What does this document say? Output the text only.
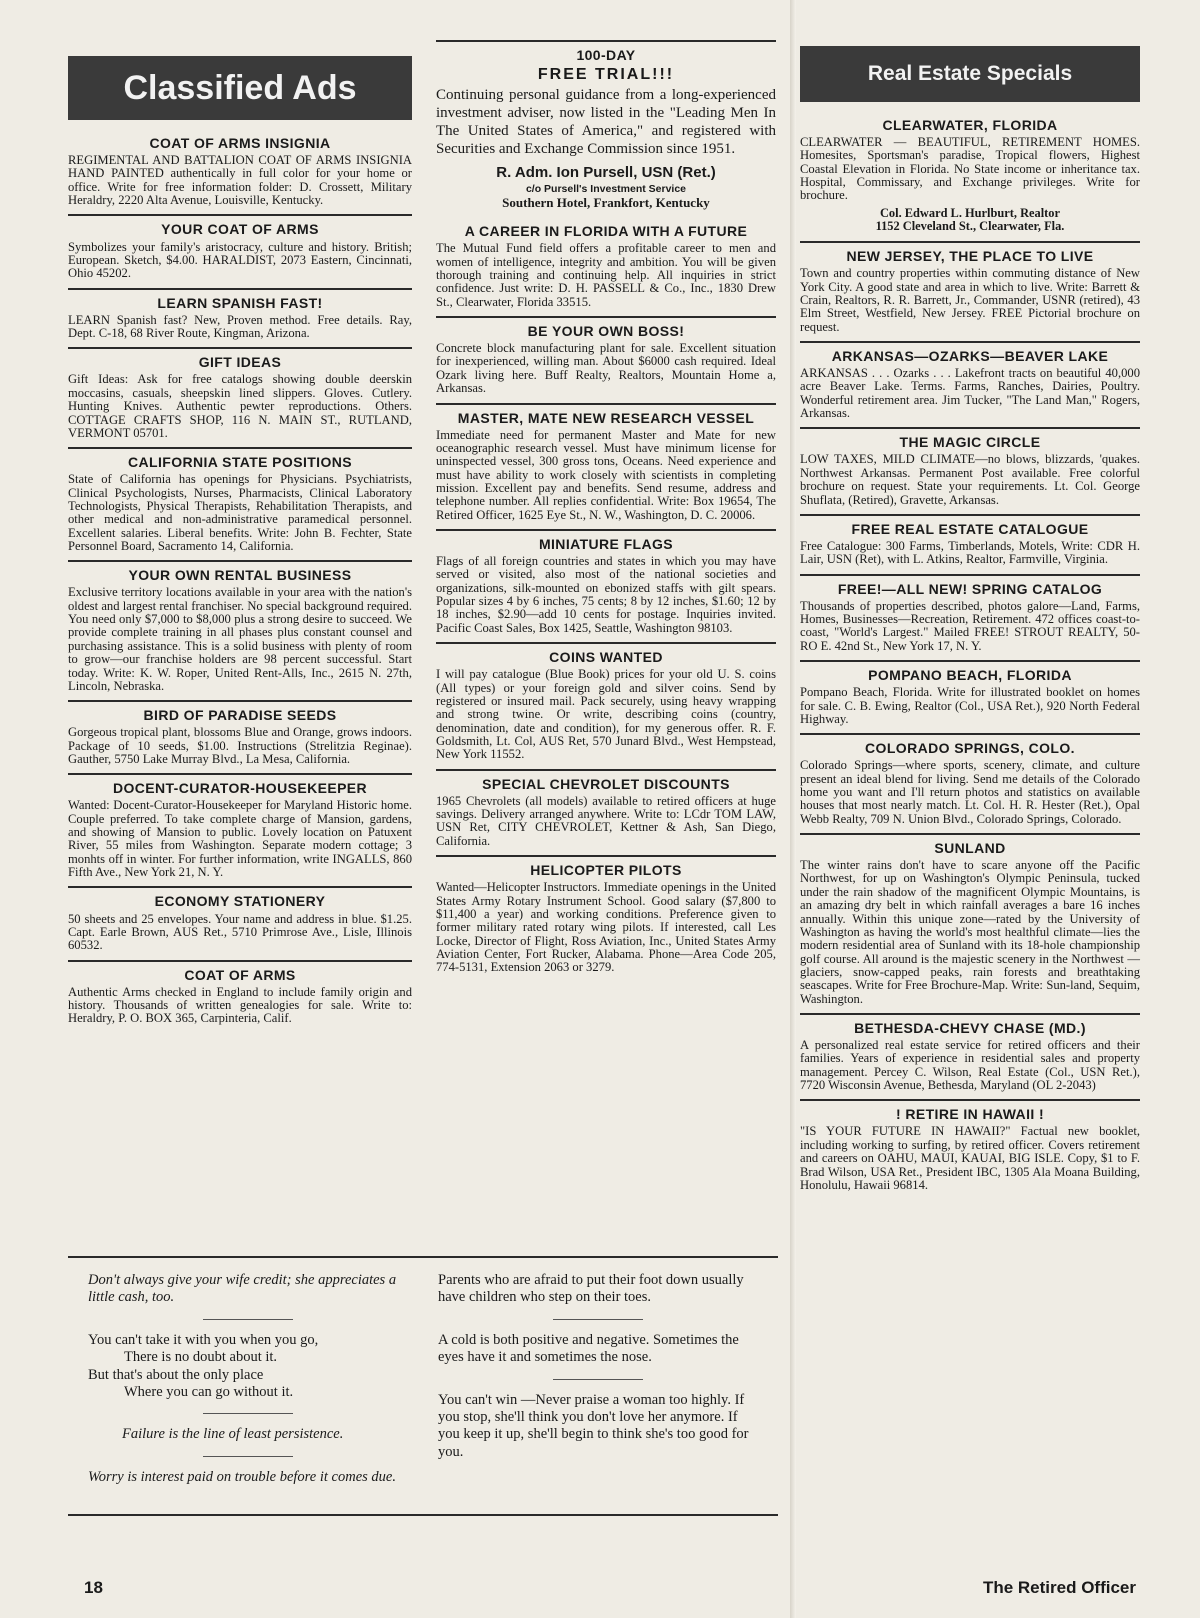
Classified Ads
COAT OF ARMS INSIGNIA
REGIMENTAL AND BATTALION COAT OF ARMS INSIGNIA HAND PAINTED authentically in full color for your home or office. Write for free information folder: D. Crossett, Military Heraldry, 2220 Alta Avenue, Louisville, Kentucky.
YOUR COAT OF ARMS
Symbolizes your family's aristocracy, culture and history. British; European. Sketch, $4.00. HARALDIST, 2073 Eastern, Cincinnati, Ohio 45202.
LEARN SPANISH FAST!
LEARN Spanish fast? New, Proven method. Free details. Ray, Dept. C-18, 68 River Route, Kingman, Arizona.
GIFT IDEAS
Gift Ideas: Ask for free catalogs showing double deerskin moccasins, casuals, sheepskin lined slippers. Gloves. Cutlery. Hunting Knives. Authentic pewter reproductions. Others. COTTAGE CRAFTS SHOP, 116 N. MAIN ST., RUTLAND, VERMONT 05701.
CALIFORNIA STATE POSITIONS
State of California has openings for Physicians. Psychiatrists, Clinical Psychologists, Nurses, Pharmacists, Clinical Laboratory Technologists, Physical Therapists, Rehabilitation Therapists, and other medical and non-administrative paramedical personnel. Excellent salaries. Liberal benefits. Write: John B. Fechter, State Personnel Board, Sacramento 14, California.
YOUR OWN RENTAL BUSINESS
Exclusive territory locations available in your area with the nation's oldest and largest rental franchiser. No special background required. You need only $7,000 to $8,000 plus a strong desire to succeed. We provide complete training in all phases plus constant counsel and purchasing assistance. This is a solid business with plenty of room to grow—our franchise holders are 98 percent successful. Start today. Write: K. W. Roper, United Rent-Alls, Inc., 2615 N. 27th, Lincoln, Nebraska.
BIRD OF PARADISE SEEDS
Gorgeous tropical plant, blossoms Blue and Orange, grows indoors. Package of 10 seeds, $1.00. Instructions (Strelitzia Reginae). Gauther, 5750 Lake Murray Blvd., La Mesa, California.
DOCENT-CURATOR-HOUSEKEEPER
Wanted: Docent-Curator-Housekeeper for Maryland Historic home. Couple preferred. To take complete charge of Mansion, gardens, and showing of Mansion to public. Lovely location on Patuxent River, 55 miles from Washington. Separate modern cottage; 3 monhts off in winter. For further information, write INGALLS, 860 Fifth Ave., New York 21, N. Y.
ECONOMY STATIONERY
50 sheets and 25 envelopes. Your name and address in blue. $1.25. Capt. Earle Brown, AUS Ret., 5710 Primrose Ave., Lisle, Illinois 60532.
COAT OF ARMS
Authentic Arms checked in England to include family origin and history. Thousands of written genealogies for sale. Write to: Heraldry, P. O. BOX 365, Carpinteria, Calif.
100-DAY
FREE TRIAL!!!
Continuing personal guidance from a long-experienced investment adviser, now listed in the "Leading Men In The United States of America," and registered with Securities and Exchange Commission since 1951.
R. Adm. Ion Pursell, USN (Ret.)
c/o Pursell's Investment Service
Southern Hotel, Frankfort, Kentucky
A CAREER IN FLORIDA WITH A FUTURE
The Mutual Fund field offers a profitable career to men and women of intelligence, integrity and ambition. You will be given thorough training and continuing help. All inquiries in strict confidence. Just write: D. H. PASSELL & Co., Inc., 1830 Drew St., Clearwater, Florida 33515.
BE YOUR OWN BOSS!
Concrete block manufacturing plant for sale. Excellent situation for inexperienced, willing man. About $6000 cash required. Ideal Ozark living here. Buff Realty, Realtors, Mountain Home a, Arkansas.
MASTER, MATE NEW RESEARCH VESSEL
Immediate need for permanent Master and Mate for new oceanographic research vessel. Must have minimum license for uninspected vessel, 300 gross tons, Oceans. Need experience and must have ability to work closely with scientists in completing mission. Excellent pay and benefits. Send resume, address and telephone number. All replies confidential. Write: Box 19654, The Retired Officer, 1625 Eye St., N. W., Washington, D. C. 20006.
MINIATURE FLAGS
Flags of all foreign countries and states in which you may have served or visited, also most of the national societies and organizations, silk-mounted on ebonized staffs with gilt spears. Popular sizes 4 by 6 inches, 75 cents; 8 by 12 inches, $1.60; 12 by 18 inches, $2.90—add 10 cents for postage. Inquiries invited. Pacific Coast Sales, Box 1425, Seattle, Washington 98103.
COINS WANTED
I will pay catalogue (Blue Book) prices for your old U. S. coins (All types) or your foreign gold and silver coins. Send by registered or insured mail. Pack securely, using heavy wrapping and strong twine. Or write, describing coins (country, denomination, date and condition), for my generous offer. R. F. Goldsmith, Lt. Col, AUS Ret, 570 Junard Blvd., West Hempstead, New York 11552.
SPECIAL CHEVROLET DISCOUNTS
1965 Chevrolets (all models) available to retired officers at huge savings. Delivery arranged anywhere. Write to: LCdr TOM LAW, USN Ret, CITY CHEVROLET, Kettner & Ash, San Diego, California.
HELICOPTER PILOTS
Wanted—Helicopter Instructors. Immediate openings in the United States Army Rotary Instrument School. Good salary ($7,800 to $11,400 a year) and working conditions. Preference given to former military rated rotary wing pilots. If interested, call Les Locke, Director of Flight, Ross Aviation, Inc., United States Army Aviation Center, Fort Rucker, Alabama. Phone—Area Code 205, 774-5131, Extension 2063 or 3279.
Real Estate Specials
CLEARWATER, FLORIDA
CLEARWATER — BEAUTIFUL, RETIREMENT HOMES. Homesites, Sportsman's paradise, Tropical flowers, Highest Coastal Elevation in Florida. No State income or inheritance tax. Hospital, Commissary, and Exchange privileges. Write for brochure.
Col. Edward L. Hurlburt, Realtor
1152 Cleveland St., Clearwater, Fla.
NEW JERSEY, THE PLACE TO LIVE
Town and country properties within commuting distance of New York City. A good state and area in which to live. Write: Barrett & Crain, Realtors, R. R. Barrett, Jr., Commander, USNR (retired), 43 Elm Street, Westfield, New Jersey. FREE Pictorial brochure on request.
ARKANSAS—OZARKS—BEAVER LAKE
ARKANSAS . . . Ozarks . . . Lakefront tracts on beautiful 40,000 acre Beaver Lake. Terms. Farms, Ranches, Dairies, Poultry. Wonderful retirement area. Jim Tucker, "The Land Man," Rogers, Arkansas.
THE MAGIC CIRCLE
LOW TAXES, MILD CLIMATE—no blows, blizzards, 'quakes. Northwest Arkansas. Permanent Post available. Free colorful brochure on request. State your requirements. Lt. Col. George Shuflata, (Retired), Gravette, Arkansas.
FREE REAL ESTATE CATALOGUE
Free Catalogue: 300 Farms, Timberlands, Motels, Write: CDR H. Lair, USN (Ret), with L. Atkins, Realtor, Farmville, Virginia.
FREE!—ALL NEW! SPRING CATALOG
Thousands of properties described, photos galore—Land, Farms, Homes, Businesses—Recreation, Retirement. 472 offices coast-to-coast, "World's Largest." Mailed FREE! STROUT REALTY, 50-RO E. 42nd St., New York 17, N. Y.
POMPANO BEACH, FLORIDA
Pompano Beach, Florida. Write for illustrated booklet on homes for sale. C. B. Ewing, Realtor (Col., USA Ret.), 920 North Federal Highway.
COLORADO SPRINGS, COLO.
Colorado Springs—where sports, scenery, climate, and culture present an ideal blend for living. Send me details of the Colorado home you want and I'll return photos and statistics on available houses that most nearly match. Lt. Col. H. R. Hester (Ret.), Opal Webb Realty, 709 N. Union Blvd., Colorado Springs, Colorado.
SUNLAND
The winter rains don't have to scare anyone off the Pacific Northwest, for up on Washington's Olympic Peninsula, tucked under the rain shadow of the magnificent Olympic Mountains, is an amazing dry belt in which rainfall averages a bare 16 inches annually. Within this unique zone—rated by the University of Washington as having the world's most healthful climate—lies the modern residential area of Sunland with its 18-hole championship golf course. All around is the majestic scenery in the Northwest — glaciers, snow-capped peaks, rain forests and breathtaking seascapes. Write for Free Brochure-Map. Write: Sun-land, Sequim, Washington.
BETHESDA-CHEVY CHASE (MD.)
A personalized real estate service for retired officers and their families. Years of experience in residential sales and property management. Percey C. Wilson, Real Estate (Col., USN Ret.), 7720 Wisconsin Avenue, Bethesda, Maryland (OL 2-2043)
! RETIRE IN HAWAII !
"IS YOUR FUTURE IN HAWAII?" Factual new booklet, including working to surfing, by retired officer. Covers retirement and careers on OAHU, MAUI, KAUAI, BIG ISLE. Copy, $1 to F. Brad Wilson, USA Ret., President IBC, 1305 Ala Moana Building, Honolulu, Hawaii 96814.
Don't always give your wife credit; she appreciates a little cash, too.
You can't take it with you when you go,
There is no doubt about it.
But that's about the only place
Where you can go without it.
Failure is the line of least persistence.
Worry is interest paid on trouble before it comes due.
Parents who are afraid to put their foot down usually have children who step on their toes.
A cold is both positive and negative. Sometimes the eyes have it and sometimes the nose.
You can't win —Never praise a woman too highly. If you stop, she'll think you don't love her anymore. If you keep it up, she'll begin to think she's too good for you.
18	The Retired Officer
